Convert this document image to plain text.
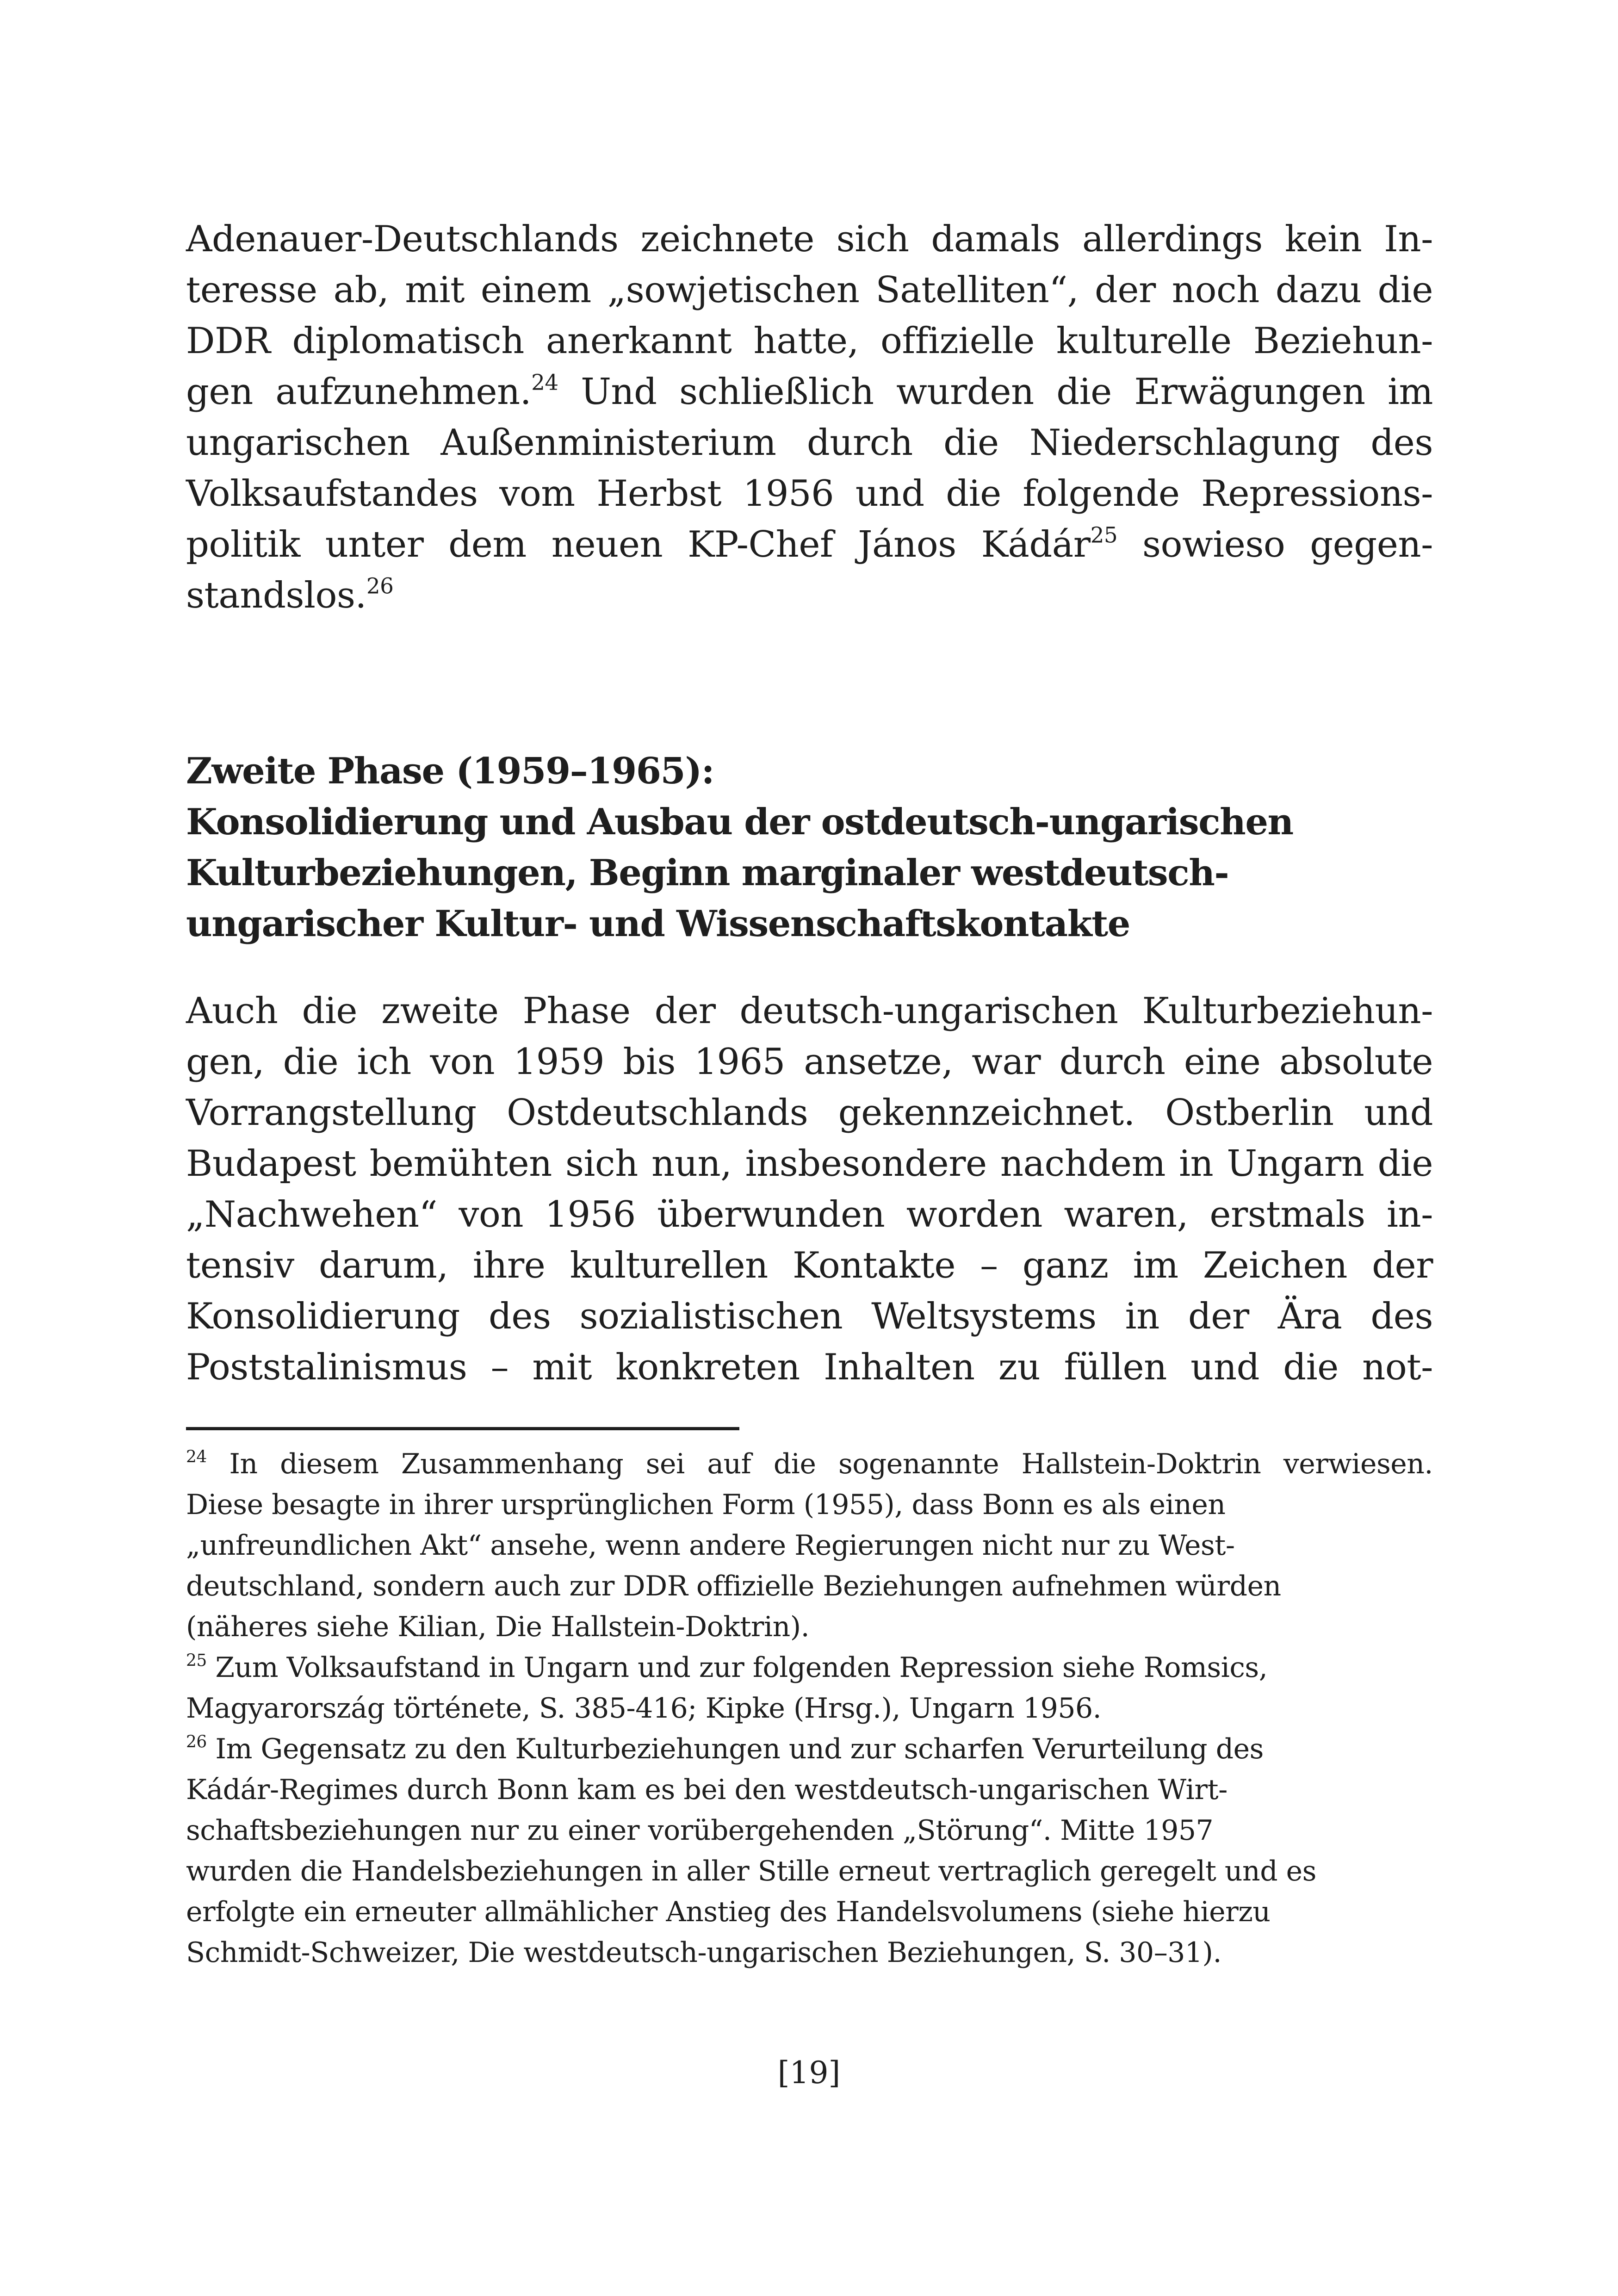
Adenauer-Deutschlands zeichnete sich damals allerdings kein In-
teresse ab, mit einem „sowjetischen Satelliten“, der noch dazu die
DDR diplomatisch anerkannt hatte, offizielle kulturelle Beziehun-
gen aufzunehmen.$^{24}$ Und schließlich wurden die Erwägungen im
ungarischen Außenministerium durch die Niederschlagung des
Volksaufstandes vom Herbst 1956 und die folgende Repressions-
politik unter dem neuen KP-Chef János Kádár$^{25}$ sowieso gegen-
standslos.$^{26}$
Zweite Phase (1959–1965):
Konsolidierung und Ausbau der ostdeutsch-ungarischen
Kulturbeziehungen, Beginn marginaler westdeutsch-
ungarischer Kultur- und Wissenschaftskontakte
Auch die zweite Phase der deutsch-ungarischen Kulturbeziehun-
gen, die ich von 1959 bis 1965 ansetze, war durch eine absolute
Vorrangstellung Ostdeutschlands gekennzeichnet. Ostberlin und
Budapest bemühten sich nun, insbesondere nachdem in Ungarn die
„Nachwehen“ von 1956 überwunden worden waren, erstmals in-
tensiv darum, ihre kulturellen Kontakte – ganz im Zeichen der
Konsolidierung des sozialistischen Weltsystems in der Ära des
Poststalinismus – mit konkreten Inhalten zu füllen und die not-
$^{24}$ In diesem Zusammenhang sei auf die sogenannte Hallstein-Doktrin verwiesen.
Diese besagte in ihrer ursprünglichen Form (1955), dass Bonn es als einen
„unfreundlichen Akt“ ansehe, wenn andere Regierungen nicht nur zu West-
deutschland, sondern auch zur DDR offizielle Beziehungen aufnehmen würden
(näheres siehe Kilian, Die Hallstein-Doktrin).
$^{25}$ Zum Volksaufstand in Ungarn und zur folgenden Repression siehe Romsics,
Magyarország története, S. 385-416; Kipke (Hrsg.), Ungarn 1956.
$^{26}$ Im Gegensatz zu den Kulturbeziehungen und zur scharfen Verurteilung des
Kádár-Regimes durch Bonn kam es bei den westdeutsch-ungarischen Wirt-
schaftsbeziehungen nur zu einer vorübergehenden „Störung“. Mitte 1957
wurden die Handelsbeziehungen in aller Stille erneut vertraglich geregelt und es
erfolgte ein erneuter allmählicher Anstieg des Handelsvolumens (siehe hierzu
Schmidt-Schweizer, Die westdeutsch-ungarischen Beziehungen, S. 30–31).
[19]
